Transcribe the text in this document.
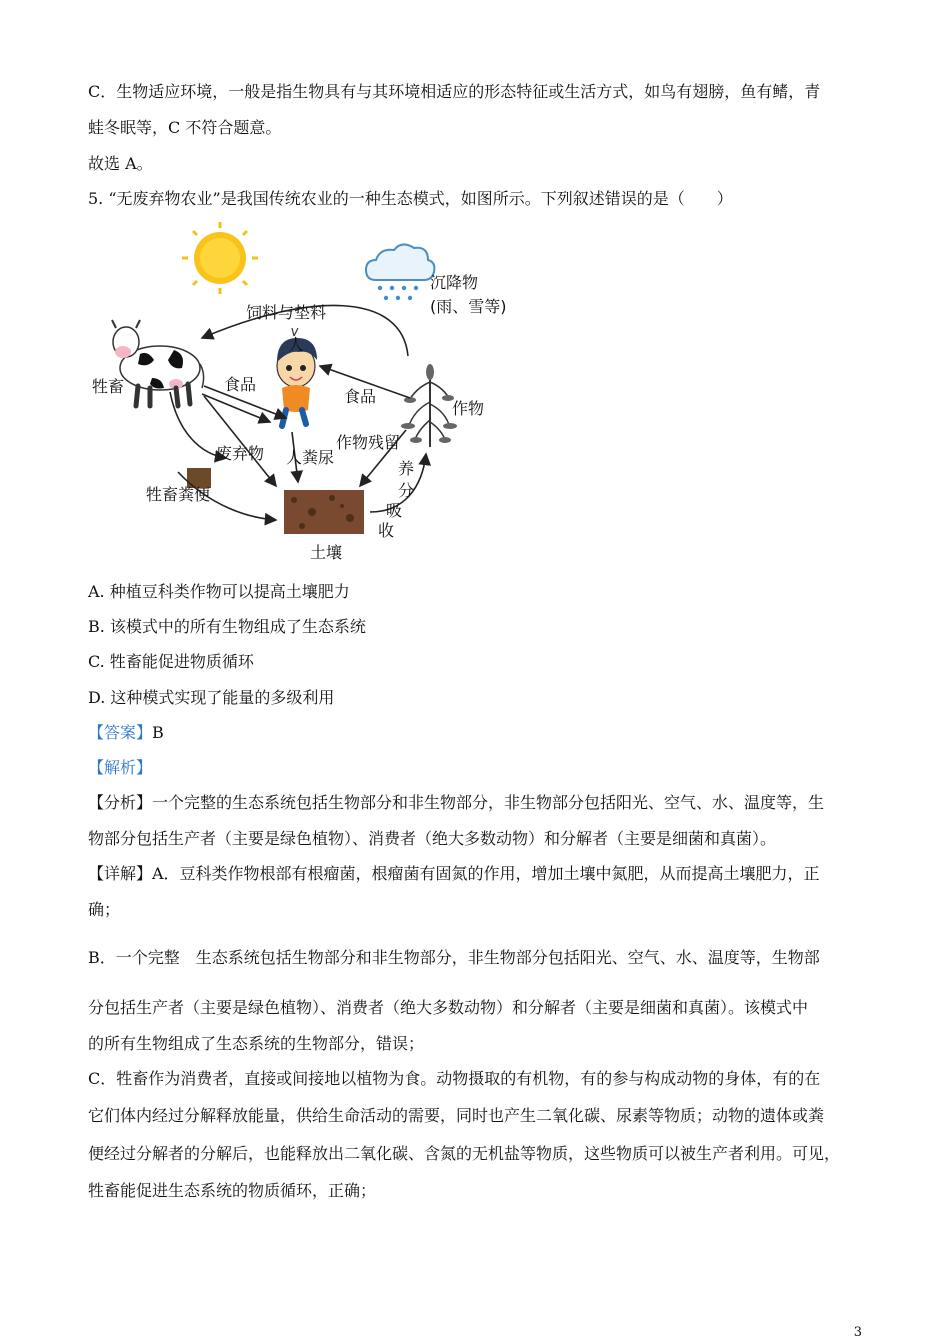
C．生物适应环境，一般是指生物具有与其环境相适应的形态特征或生活方式，如鸟有翅膀，鱼有鳍，青
蛙冬眠等，C 不符合题意。
故选 A。
5. “无废弃物农业”是我国传统农业的一种生态模式，如图所示。下列叙述错误的是（　　）
饲料与垫料
沉降物
(雨、雪等)
人
牲畜	食品
食品
作物
废弃物
作物残留
人粪尿
牲畜粪便
养
分
吸
收
土壤
A. 种植豆科类作物可以提高土壤肥力
B. 该模式中的所有生物组成了生态系统
C. 牲畜能促进物质循环
D. 这种模式实现了能量的多级利用
【答案】B
【解析】
【分析】一个完整的生态系统包括生物部分和非生物部分，非生物部分包括阳光、空气、水、温度等，生
物部分包括生产者（主要是绿色植物）、消费者（绝大多数动物）和分解者（主要是细菌和真菌）。
【详解】A．豆科类作物根部有根瘤菌，根瘤菌有固氮的作用，增加土壤中氮肥，从而提高土壤肥力，正
确；
B．一个完整　生态系统包括生物部分和非生物部分，非生物部分包括阳光、空气、水、温度等，生物部
分包括生产者（主要是绿色植物）、消费者（绝大多数动物）和分解者（主要是细菌和真菌）。该模式中
的所有生物组成了生态系统的生物部分，错误；
C．牲畜作为消费者，直接或间接地以植物为食。动物摄取的有机物，有的参与构成动物的身体，有的在
它们体内经过分解释放能量，供给生命活动的需要，同时也产生二氧化碳、尿素等物质；动物的遗体或粪
便经过分解者的分解后，也能释放出二氧化碳、含氮的无机盐等物质，这些物质可以被生产者利用。可见，
牲畜能促进生态系统的物质循环，正确；
3
